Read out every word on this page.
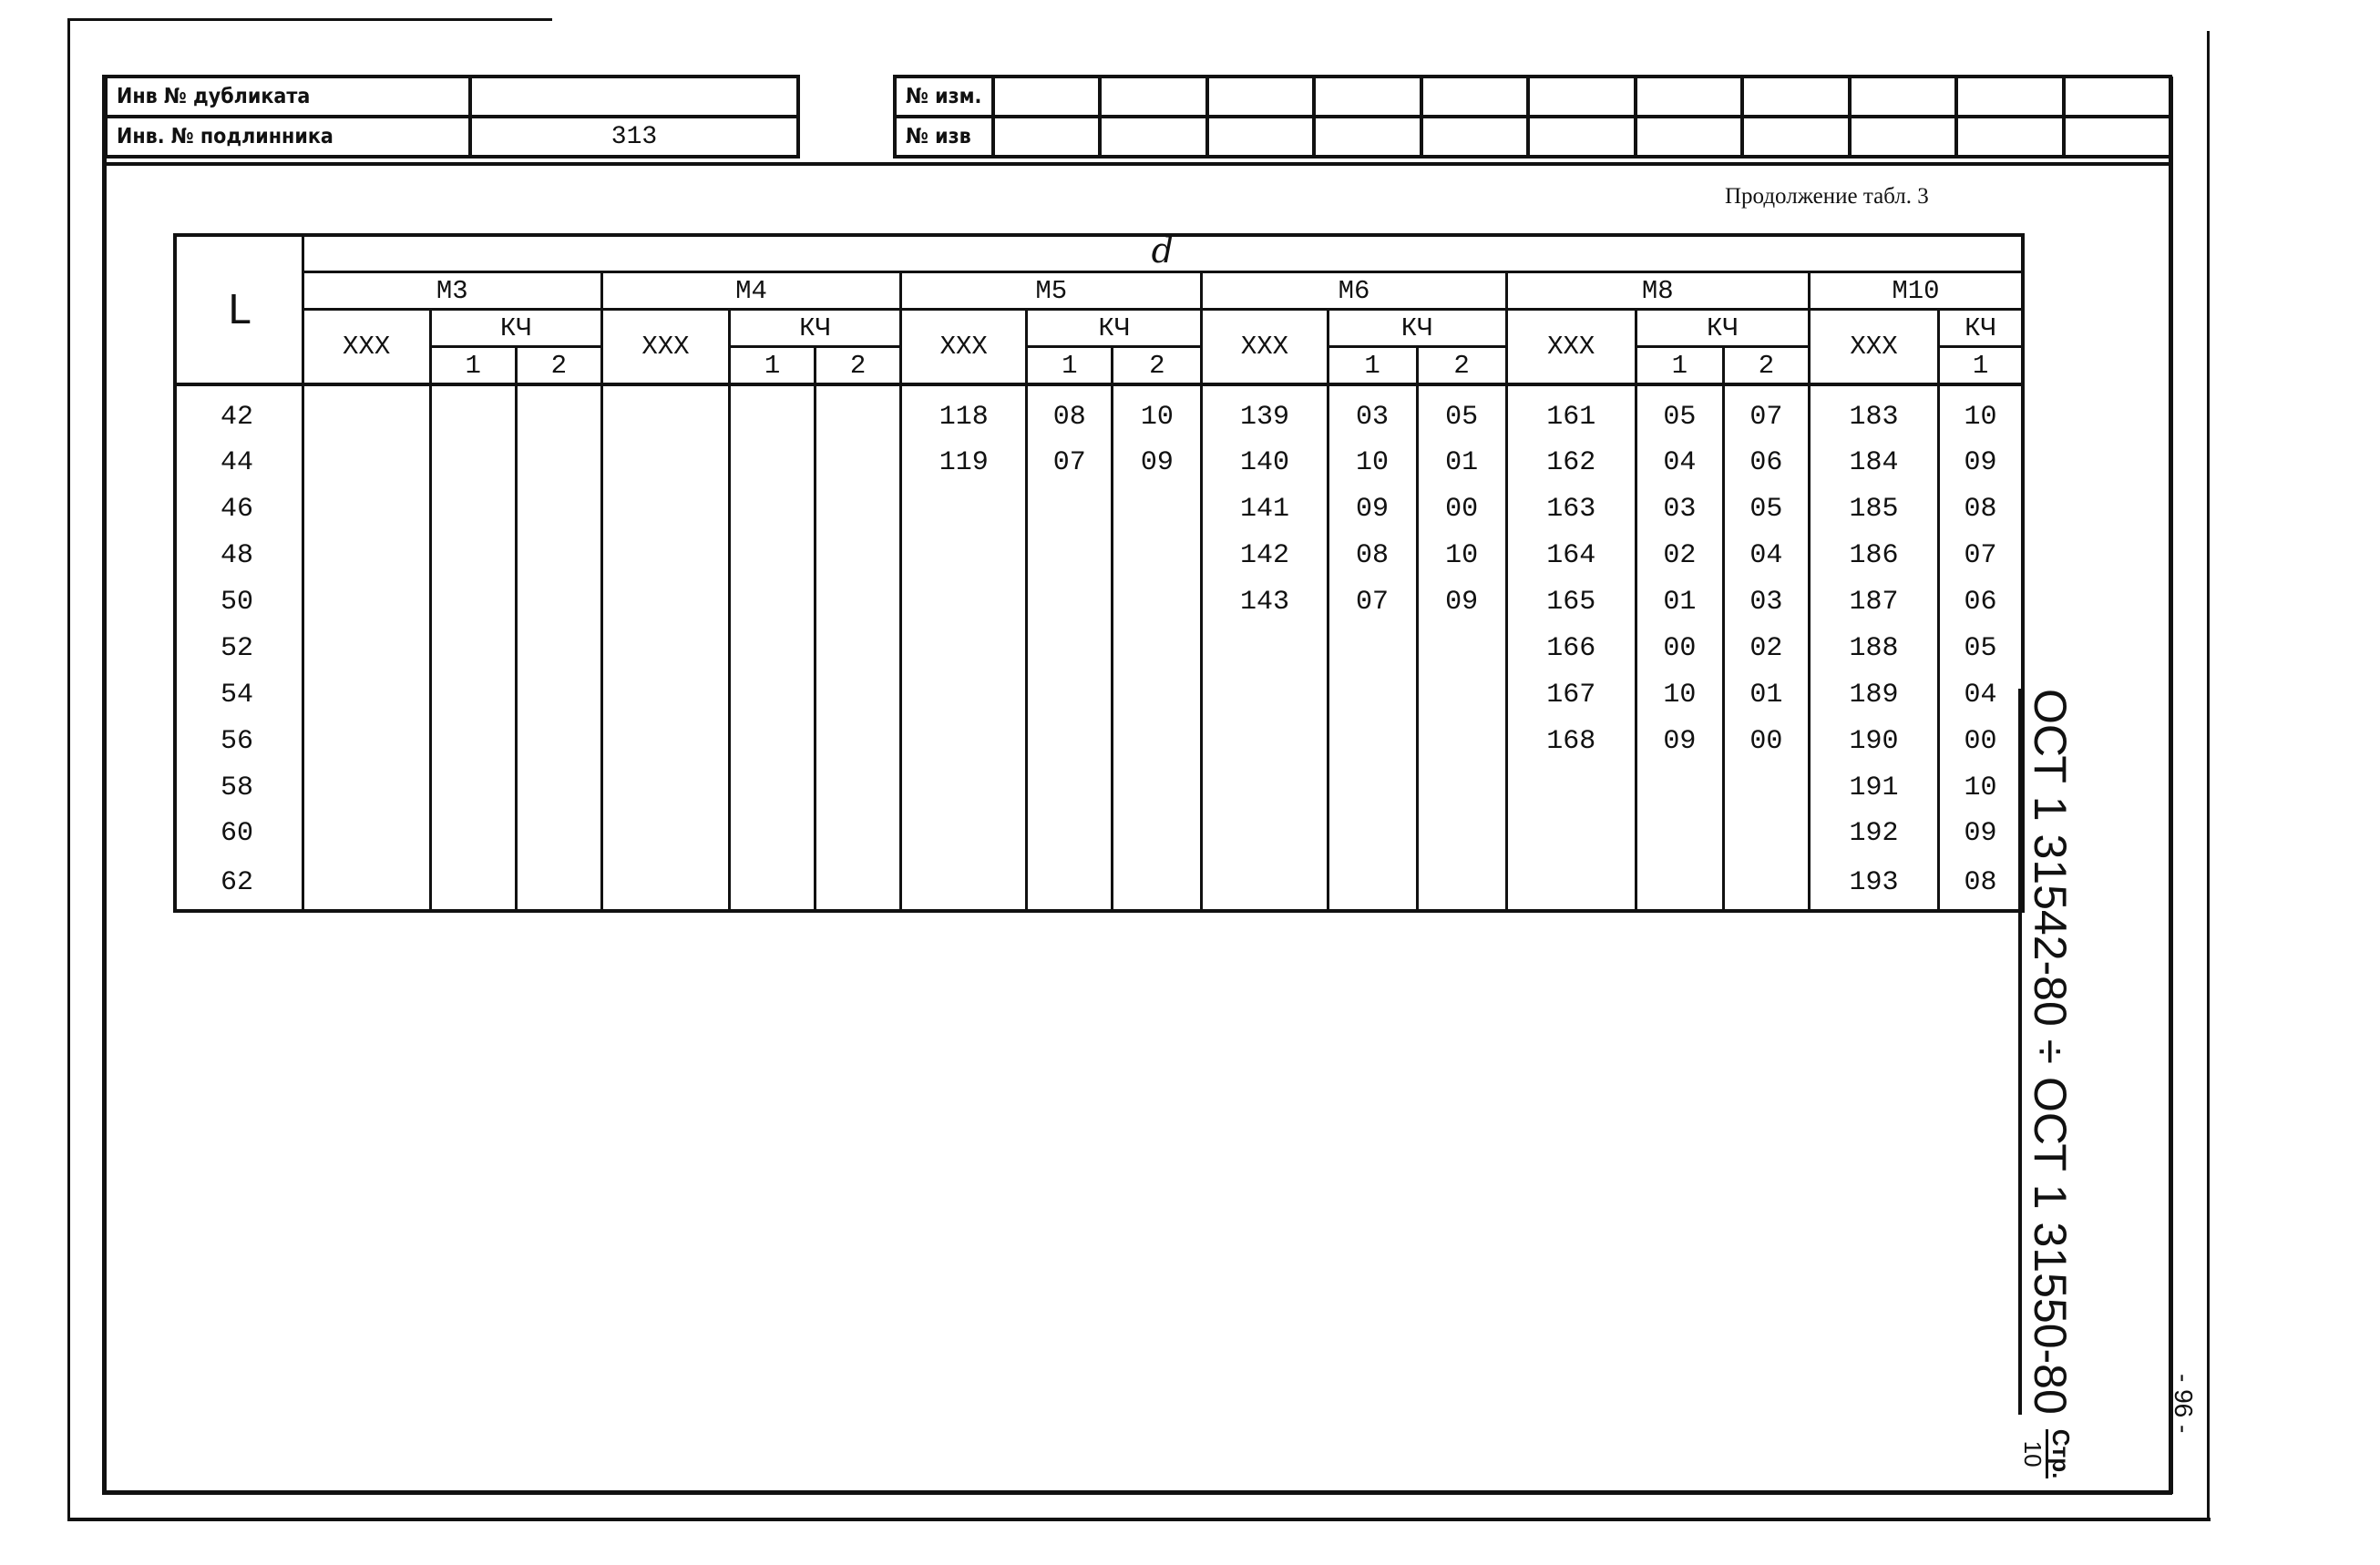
Инв № дубликата	
Инв. № подлинника	313
№ изм.											
№ изв											
Продолжение табл. 3
L	d																
	M3			M4			M5			M6			M8			M10	
	XXX	КЧ		XXX	КЧ		XXX	КЧ		XXX	КЧ		XXX	КЧ		XXX	КЧ
		1	2		1	2		1	2		1	2		1	2		1
42							118	08	10	139	03	05	161	05	07	183	10
44							119	07	09	140	10	01	162	04	06	184	09
46										141	09	00	163	03	05	185	08
48										142	08	10	164	02	04	186	07
50										143	07	09	165	01	03	187	06
52													166	00	02	188	05
54													167	10	01	189	04
56													168	09	00	190	00
58																191	10
60																192	09
62																193	08 ОСТ 1 31542-80 ÷ ОСТ 1 31550-80
Стр.
10
- 96 -
